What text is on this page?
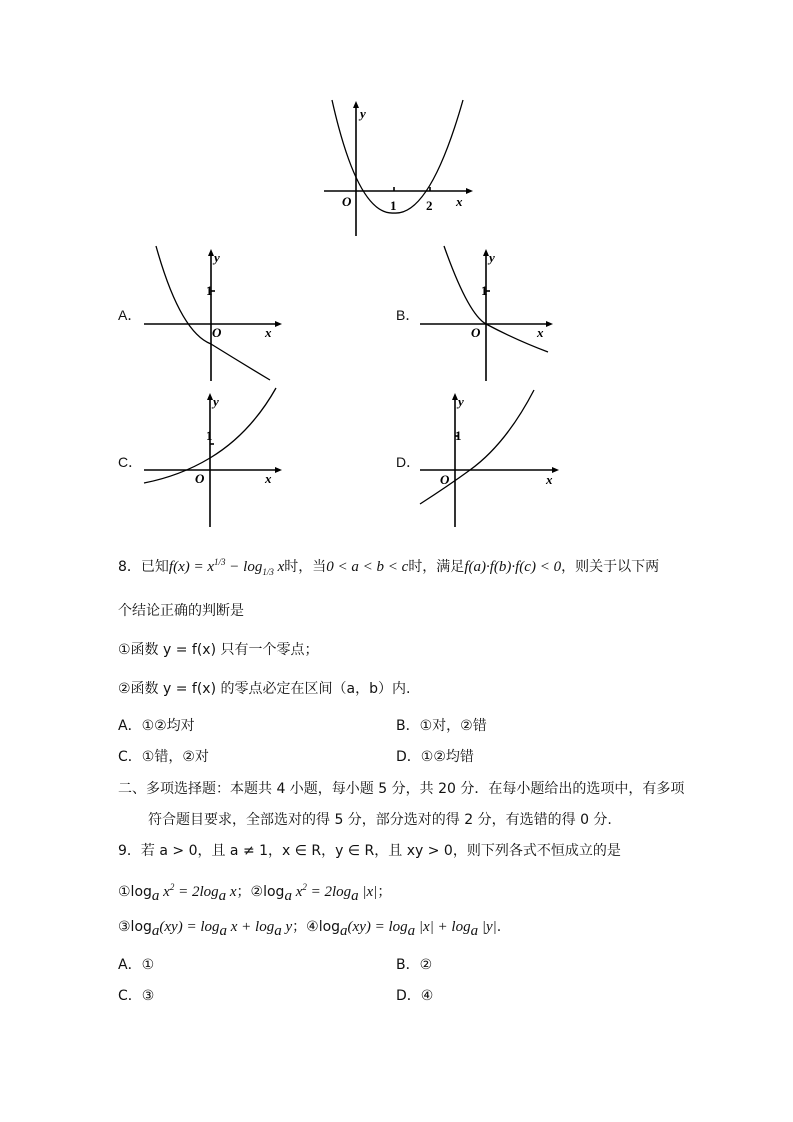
y
x
O	1 2
A．
y
1
O	x
B．
y
1
O	x
C．
y
1
O	x
D．
y
1
O	x
8．已知$f(x) = x^{1/3} - \log_{1/3} x$时，当0 < a < b < c时，满足f(a)·f(b)·f(c) < 0，则关于以下两
个结论正确的判断是
①函数 y = f(x) 只有一个零点；
②函数 y = f(x) 的零点必定在区间（a，b）内.
A．①②均对	B．①对，②错
C．①错，②对	D．①②均错
二、多项选择题：本题共 4 小题，每小题 5 分，共 20 分．在每小题给出的选项中，有多项
符合题目要求，全部选对的得 5 分，部分选对的得 2 分，有选错的得 0 分.
9．若 a > 0，且 a ≠ 1，x ∈ R，y ∈ R，且 xy > 0，则下列各式不恒成立的是
$①\log_a$ $x^2 = 2\log_a$ x；$②\log_a$ $x^2 = 2\log_a$ |x|；
$③\log_a(xy) = \log_a x + \log_a y$；$④\log_a(xy) = \log_a |x| + \log_a |y|$.
A．①	B．②
C．③	D．④
